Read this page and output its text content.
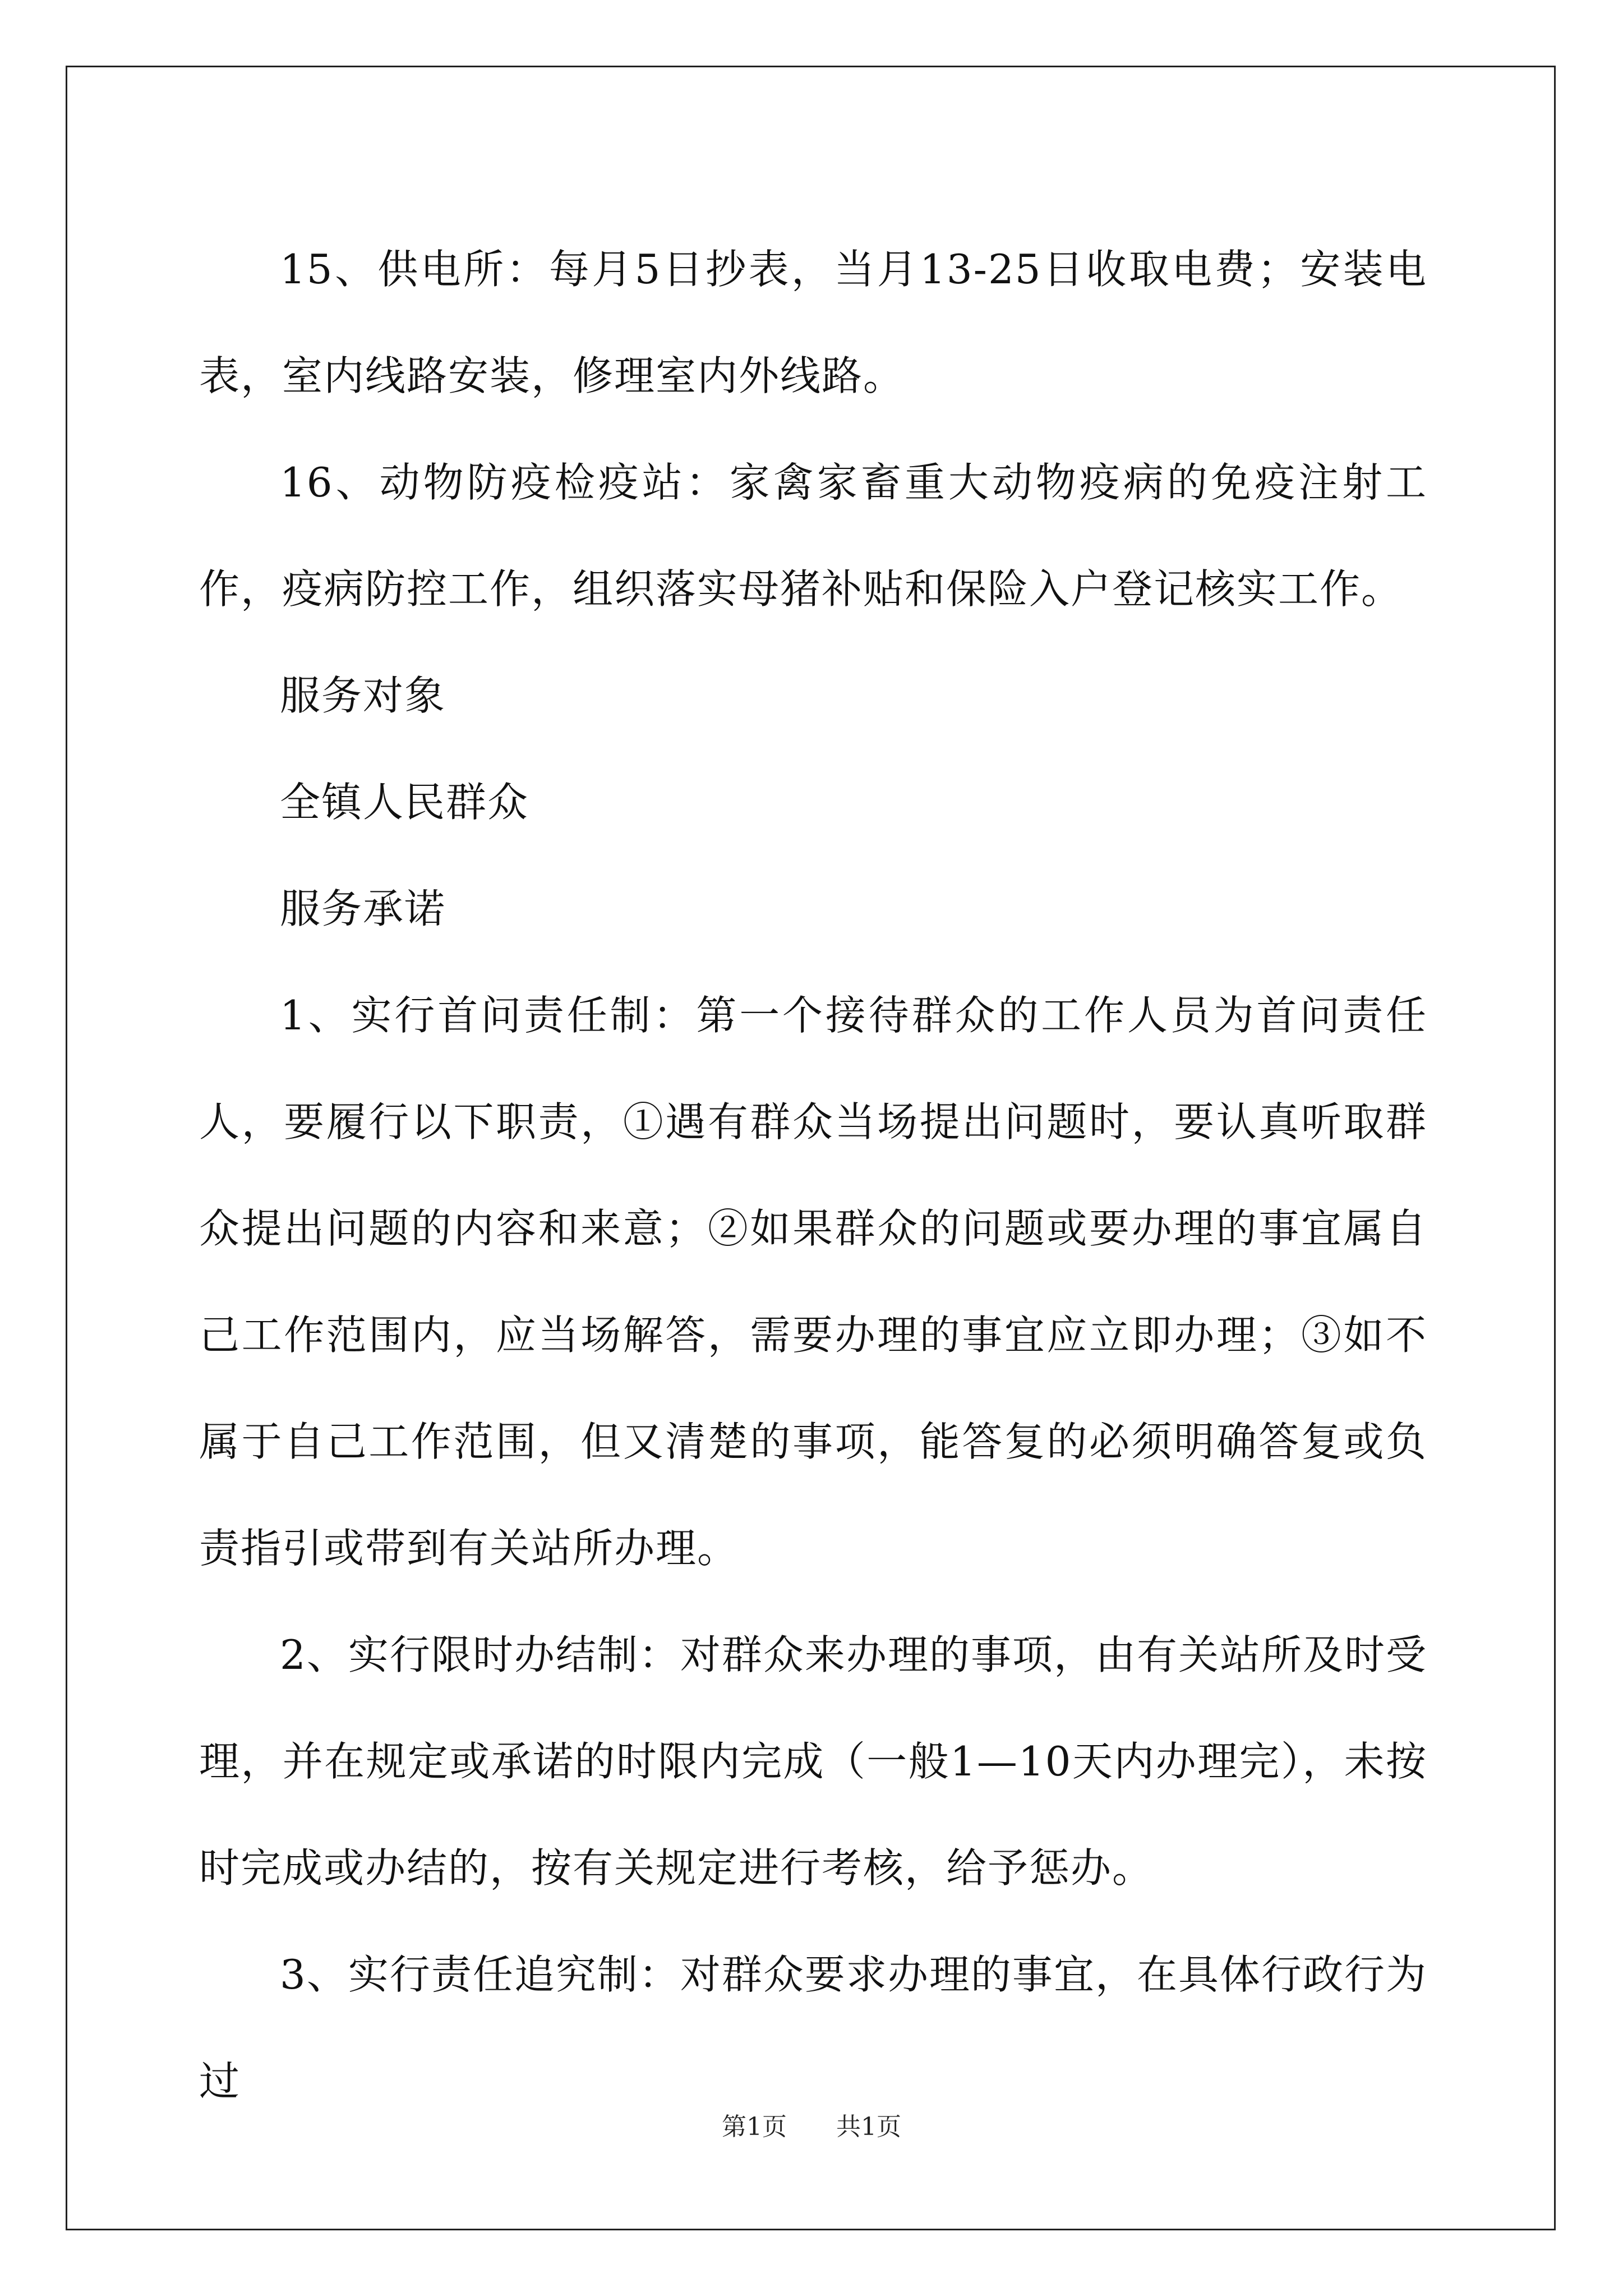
15、供电所：每月5日抄表，当月13-25日收取电费；安装电表，室内线路安装，修理室内外线路。

16、动物防疫检疫站：家禽家畜重大动物疫病的免疫注射工作，疫病防控工作，组织落实母猪补贴和保险入户登记核实工作。

服务对象

全镇人民群众

服务承诺

1、实行首问责任制：第一个接待群众的工作人员为首问责任人，要履行以下职责，①遇有群众当场提出问题时，要认真听取群众提出问题的内容和来意；②如果群众的问题或要办理的事宜属自己工作范围内，应当场解答，需要办理的事宜应立即办理；③如不属于自己工作范围，但又清楚的事项，能答复的必须明确答复或负责指引或带到有关站所办理。

2、实行限时办结制：对群众来办理的事项，由有关站所及时受理，并在规定或承诺的时限内完成（一般1—10天内办理完），未按时完成或办结的，按有关规定进行考核，给予惩办。

3、实行责任追究制：对群众要求办理的事宜，在具体行政行为过

第1页 共1页
